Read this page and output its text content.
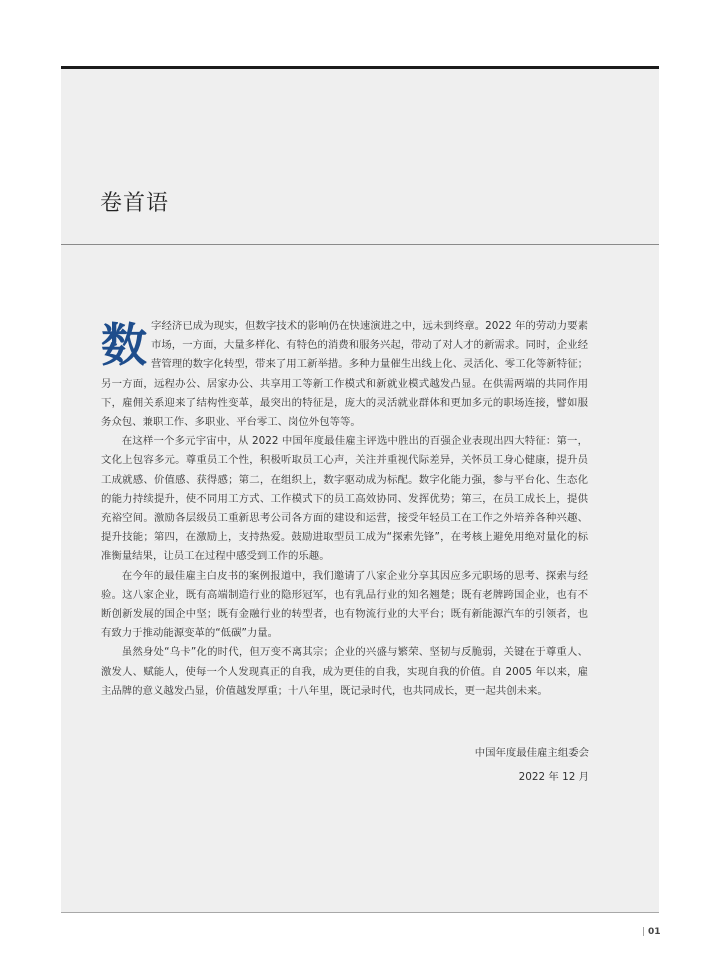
卷首语

数字经济已成为现实，但数字技术的影响仍在快速演进之中，远未到终章。2022 年的劳动力要素市场，一方面，大量多样化、有特色的消费和服务兴起，带动了对人才的新需求。同时，企业经营管理的数字化转型，带来了用工新举措。多种力量催生出线上化、灵活化、零工化等新特征；另一方面，远程办公、居家办公、共享用工等新工作模式和新就业模式越发凸显。在供需两端的共同作用下，雇佣关系迎来了结构性变革，最突出的特征是，庞大的灵活就业群体和更加多元的职场连接，譬如服务众包、兼职工作、多职业、平台零工、岗位外包等等。

在这样一个多元宇宙中，从 2022 中国年度最佳雇主评选中胜出的百强企业表现出四大特征：第一，文化上包容多元。尊重员工个性，积极听取员工心声，关注并重视代际差异，关怀员工身心健康，提升员工成就感、价值感、获得感；第二，在组织上，数字驱动成为标配。数字化能力强，参与平台化、生态化的能力持续提升，使不同用工方式、工作模式下的员工高效协同、发挥优势；第三，在员工成长上，提供充裕空间。激励各层级员工重新思考公司各方面的建设和运营，接受年轻员工在工作之外培养各种兴趣、提升技能；第四，在激励上，支持热爱。鼓励进取型员工成为“探索先锋”，在考核上避免用绝对量化的标准衡量结果，让员工在过程中感受到工作的乐趣。

在今年的最佳雇主白皮书的案例报道中，我们邀请了八家企业分享其因应多元职场的思考、探索与经验。这八家企业，既有高端制造行业的隐形冠军，也有乳品行业的知名翘楚；既有老牌跨国企业，也有不断创新发展的国企中坚；既有金融行业的转型者，也有物流行业的大平台；既有新能源汽车的引领者，也有致力于推动能源变革的“低碳”力量。

虽然身处“乌卡”化的时代，但万变不离其宗；企业的兴盛与繁荣、坚韧与反脆弱，关键在于尊重人、激发人、赋能人，使每一个人发现真正的自我，成为更佳的自我，实现自我的价值。自 2005 年以来，雇主品牌的意义越发凸显，价值越发厚重；十八年里，既记录时代，也共同成长，更一起共创未来。

中国年度最佳雇主组委会
2022 年 12 月
| 01
